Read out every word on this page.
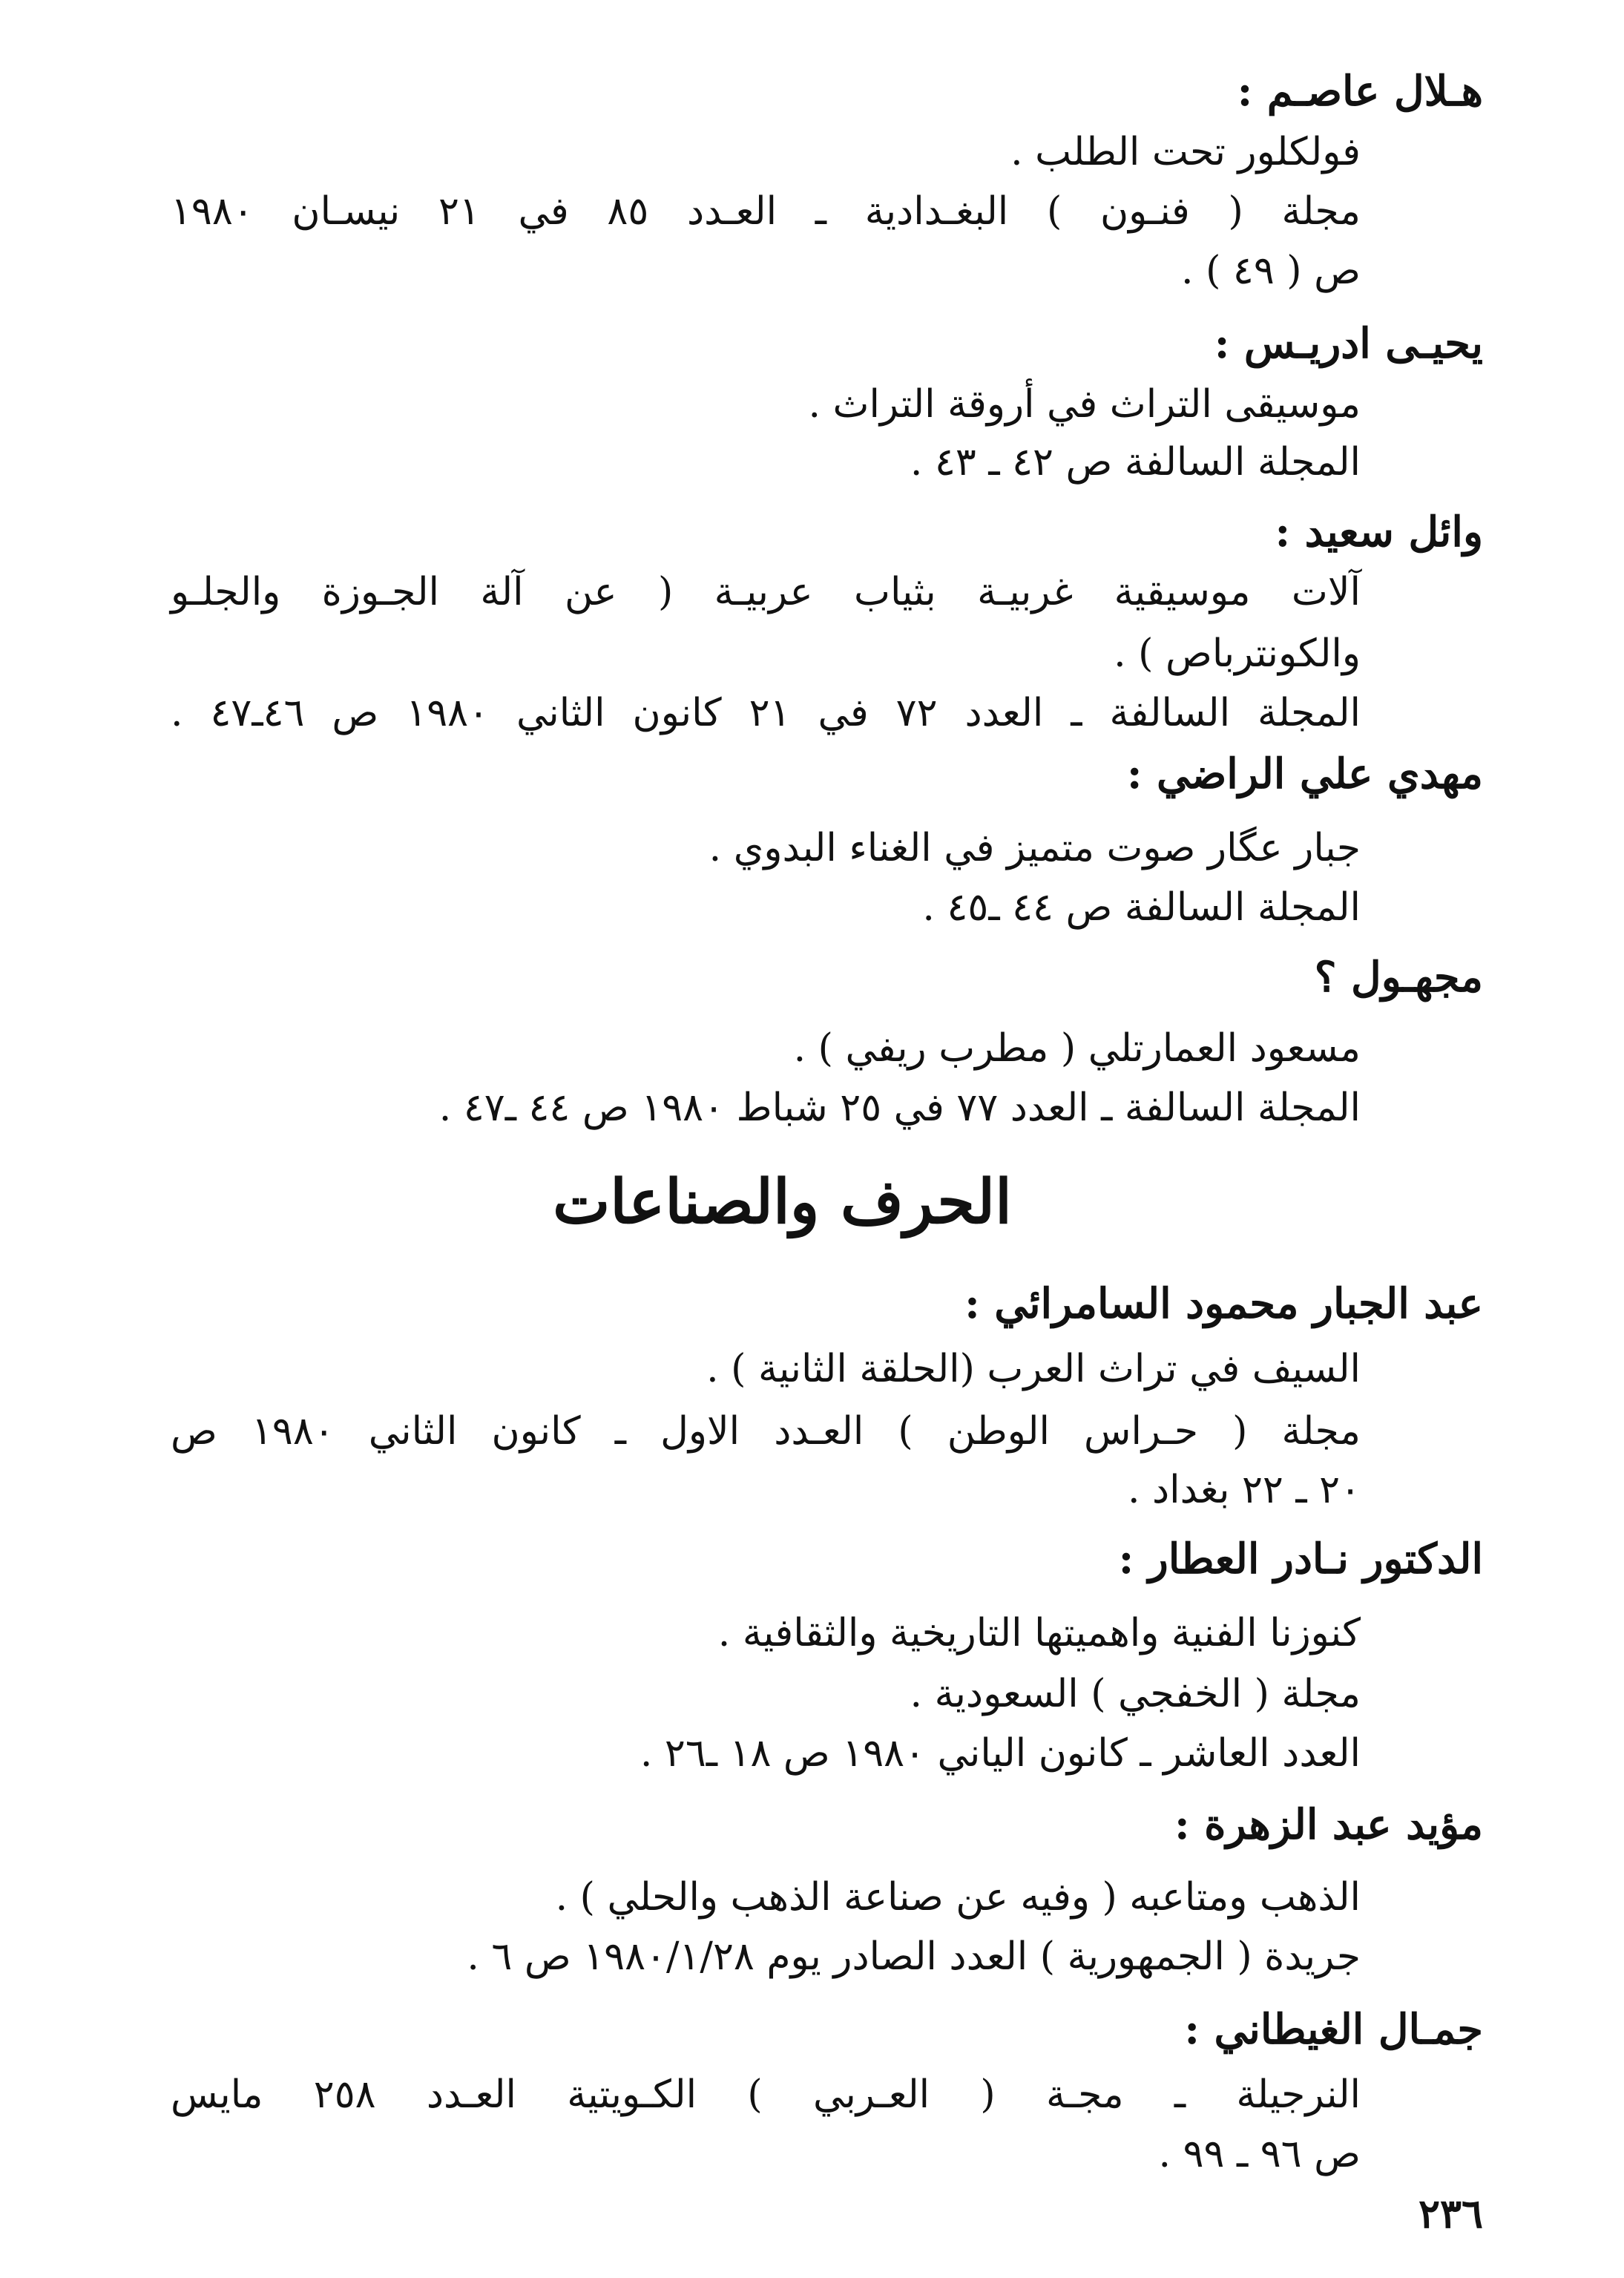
هـلال عاصـم :
فولكلور تحت الطلب .
مجلة ( فنـون ) البغـدادية ـ العـدد ٨٥ في ٢١ نيسـان ١٩٨٠
ص ( ٤٩ ) .
يحيـى ادريـس :
موسيقى التراث في أروقة التراث .
المجلة السالفة ص ٤٢ ـ ٤٣ .
وائل سعيد :
آلات موسيقية غربيـة بثياب عربيـة ( عن آلة الجـوزة والجلـو
والكونترباص ) .
المجلة السالفة ـ العدد ٧٢ في ٢١ كانون الثاني ١٩٨٠ ص ٤٦ـ٤٧ .
مهدي علي الراضي :
جبار عگار صوت متميز في الغناء البدوي .
المجلة السالفة ص ٤٤ ـ٤٥ .
مجهـول ؟
مسعود العمارتلي ( مطرب ريفي ) .
المجلة السالفة ـ العدد ٧٧ في ٢٥ شباط ١٩٨٠ ص ٤٤ ـ٤٧ .
الحرف والصناعات
عبد الجبار محمود السامرائي :
السيف في تراث العرب (الحلقة الثانية ) .
مجلة ( حـراس الوطن ) العـدد الاول ـ كانون الثاني ١٩٨٠ ص
٢٠ ـ ٢٢ بغداد .
الدكتور نـادر العطار :
كنوزنا الفنية واهميتها التاريخية والثقافية .
مجلة ( الخفجي ) السعودية .
العدد العاشر ـ كانون الياني ١٩٨٠ ص ١٨ ـ٢٦ .
مؤيد عبد الزهرة :
الذهب ومتاعبه ( وفيه عن صناعة الذهب والحلي ) .
جريدة ( الجمهورية ) العدد الصادر يوم ١٩٨٠/١/٢٨ ص ٦ .
جمـال الغيطاني :
النرجيلة ـ مجـة ( العـربي ) الكـويتية العـدد ٢٥٨ مايس
ص ٩٦ ـ ٩٩ .
٢٣٦
